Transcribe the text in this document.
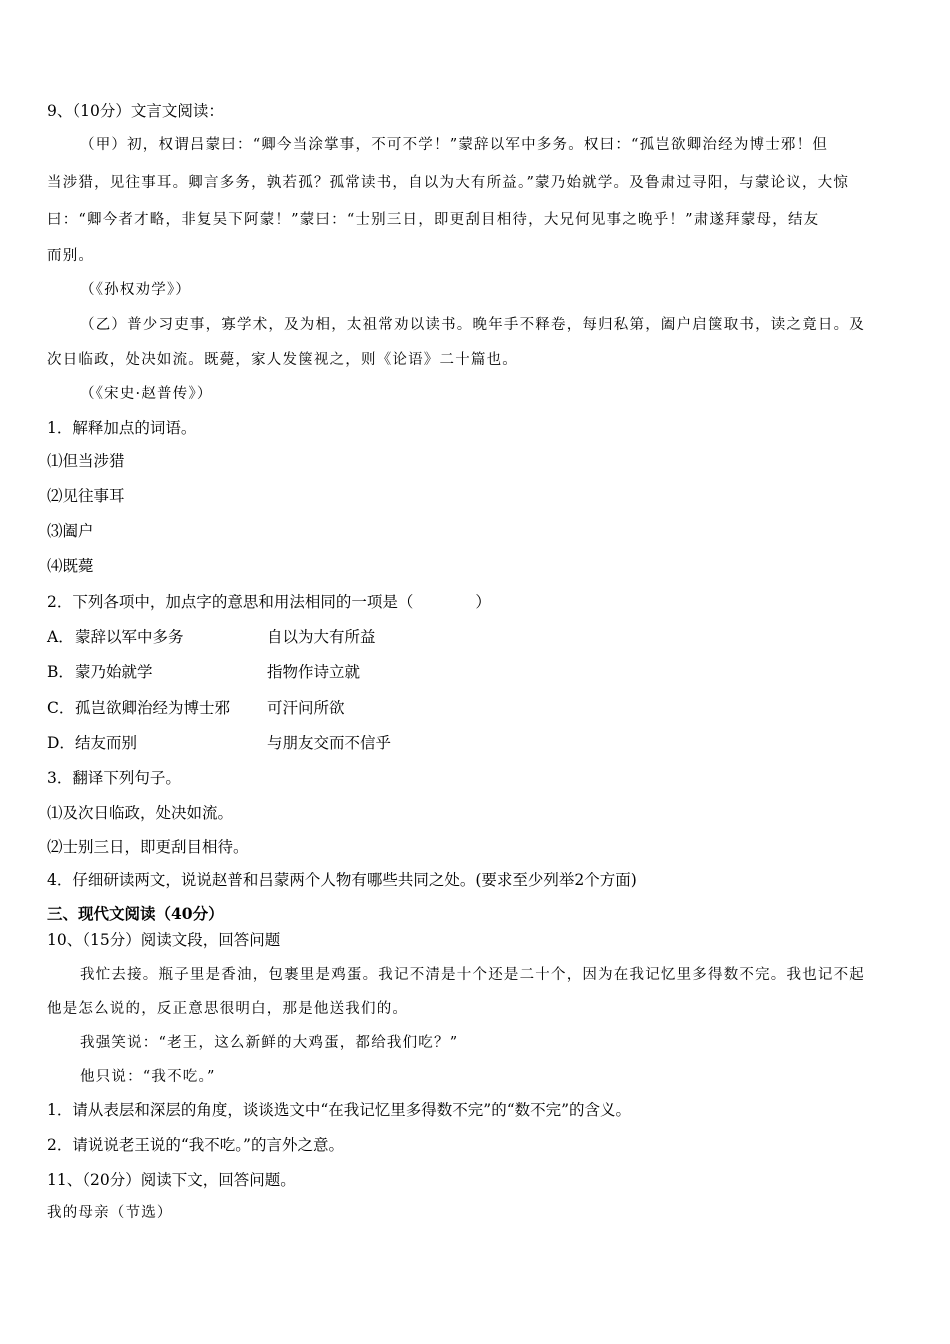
9、（10分）文言文阅读：
（甲）初，权谓吕蒙曰：“卿今当涂掌事，不可不学！”蒙辞以军中多务。权曰：“孤岂欲卿治经为博士邪！但
当涉猎，见往事耳。卿言多务，孰若孤？孤常读书，自以为大有所益。”蒙乃始就学。及鲁肃过寻阳，与蒙论议，大惊
曰：“卿今者才略，非复吴下阿蒙！”蒙曰：“士别三日，即更刮目相待，大兄何见事之晚乎！”肃遂拜蒙母，结友
而别。
（《孙权劝学》）
（乙）普少习吏事，寡学术，及为相，太祖常劝以读书。晚年手不释卷，每归私第，阖户启箧取书，读之竟日。及
次日临政，处决如流。既薨，家人发箧视之，则《论语》二十篇也。
（《宋史·赵普传》）
1．解释加点的词语。
⑴但当涉猎
⑵见往事耳
⑶阖户
⑷既薨
2．下列各项中，加点字的意思和用法相同的一项是（　　　　）
A．蒙辞以军中多务	自以为大有所益
B．蒙乃始就学	指物作诗立就
C．孤岂欲卿治经为博士邪 可汗问所欲
D．结友而别	与朋友交而不信乎
3．翻译下列句子。
⑴及次日临政，处决如流。
⑵士别三日，即更刮目相待。
4．仔细研读两文，说说赵普和吕蒙两个人物有哪些共同之处。(要求至少列举2个方面)
三、现代文阅读（40分）
10、（15分）阅读文段，回答问题
我忙去接。瓶子里是香油，包裹里是鸡蛋。我记不清是十个还是二十个，因为在我记忆里多得数不完。我也记不起
他是怎么说的，反正意思很明白，那是他送我们的。
我强笑说：“老王，这么新鲜的大鸡蛋，都给我们吃？”
他只说：“我不吃。”
1．请从表层和深层的角度，谈谈选文中“在我记忆里多得数不完”的“数不完”的含义。
2．请说说老王说的“我不吃。”的言外之意。
11、（20分）阅读下文，回答问题。
我的母亲（节选）
